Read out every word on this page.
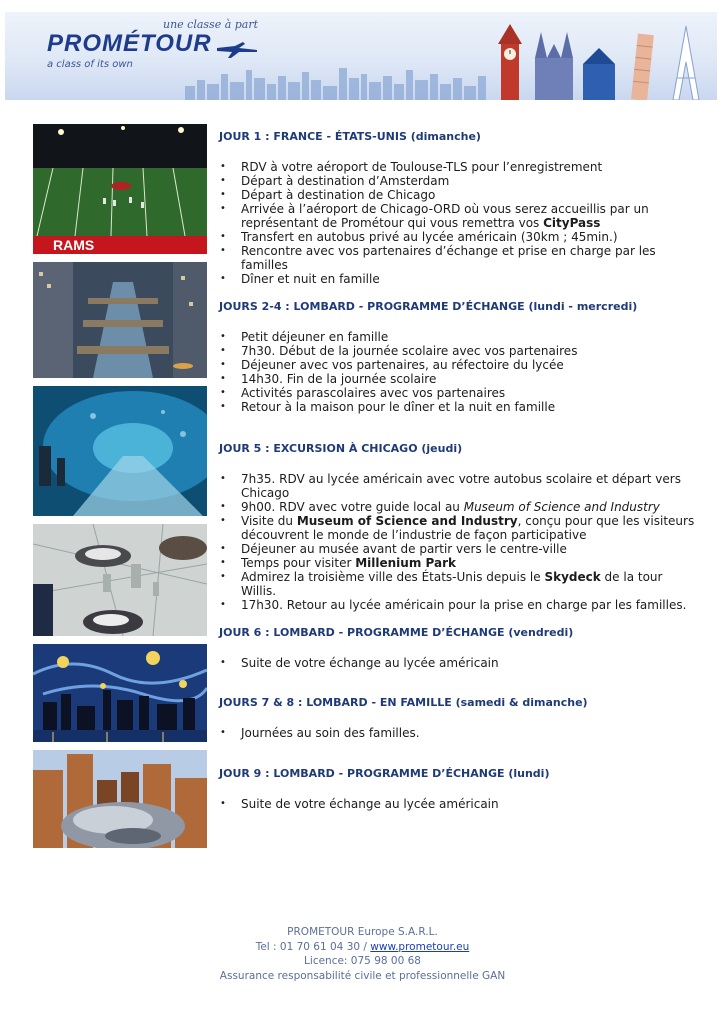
une classe à part
PROMÉTOUR
a class of its own
RAMS
JOUR 1 : FRANCE - ÉTATS-UNIS (dimanche)
• RDV à votre aéroport de Toulouse-TLS pour l’enregistrement
• Départ à destination d’Amsterdam
• Départ à destination de Chicago
• Arrivée à l’aéroport de Chicago-ORD où vous serez accueillis par un représentant de Prométour qui vous remettra vos CityPass
• Transfert en autobus privé au lycée américain (30km ; 45min.)
• Rencontre avec vos partenaires d’échange et prise en charge par les familles
• Dîner et nuit en famille
JOURS 2-4 : LOMBARD - PROGRAMME D’ÉCHANGE (lundi - mercredi)
• Petit déjeuner en famille
• 7h30. Début de la journée scolaire avec vos partenaires
• Déjeuner avec vos partenaires, au réfectoire du lycée
• 14h30. Fin de la journée scolaire
• Activités parascolaires avec vos partenaires
• Retour à la maison pour le dîner et la nuit en famille
JOUR 5 : EXCURSION À CHICAGO (jeudi)
• 7h35. RDV au lycée américain avec votre autobus scolaire et départ vers Chicago
• 9h00. RDV avec votre guide local au Museum of Science and Industry
• Visite du Museum of Science and Industry, conçu pour que les visiteurs découvrent le monde de l’industrie de façon participative
• Déjeuner au musée avant de partir vers le centre-ville
• Temps pour visiter Millenium Park
• Admirez la troisième ville des États-Unis depuis le Skydeck de la tour Willis.
• 17h30. Retour au lycée américain pour la prise en charge par les familles.
JOUR 6 : LOMBARD - PROGRAMME D’ÉCHANGE (vendredi)
• Suite de votre échange au lycée américain
JOURS 7 & 8 : LOMBARD - EN FAMILLE (samedi & dimanche)
• Journées au soin des familles.
JOUR 9 : LOMBARD - PROGRAMME D’ÉCHANGE (lundi)
• Suite de votre échange au lycée américain
PROMETOUR Europe S.A.R.L.
Tel : 01 70 61 04 30 / www.prometour.eu
Licence: 075 98 00 68
Assurance responsabilité civile et professionnelle GAN
